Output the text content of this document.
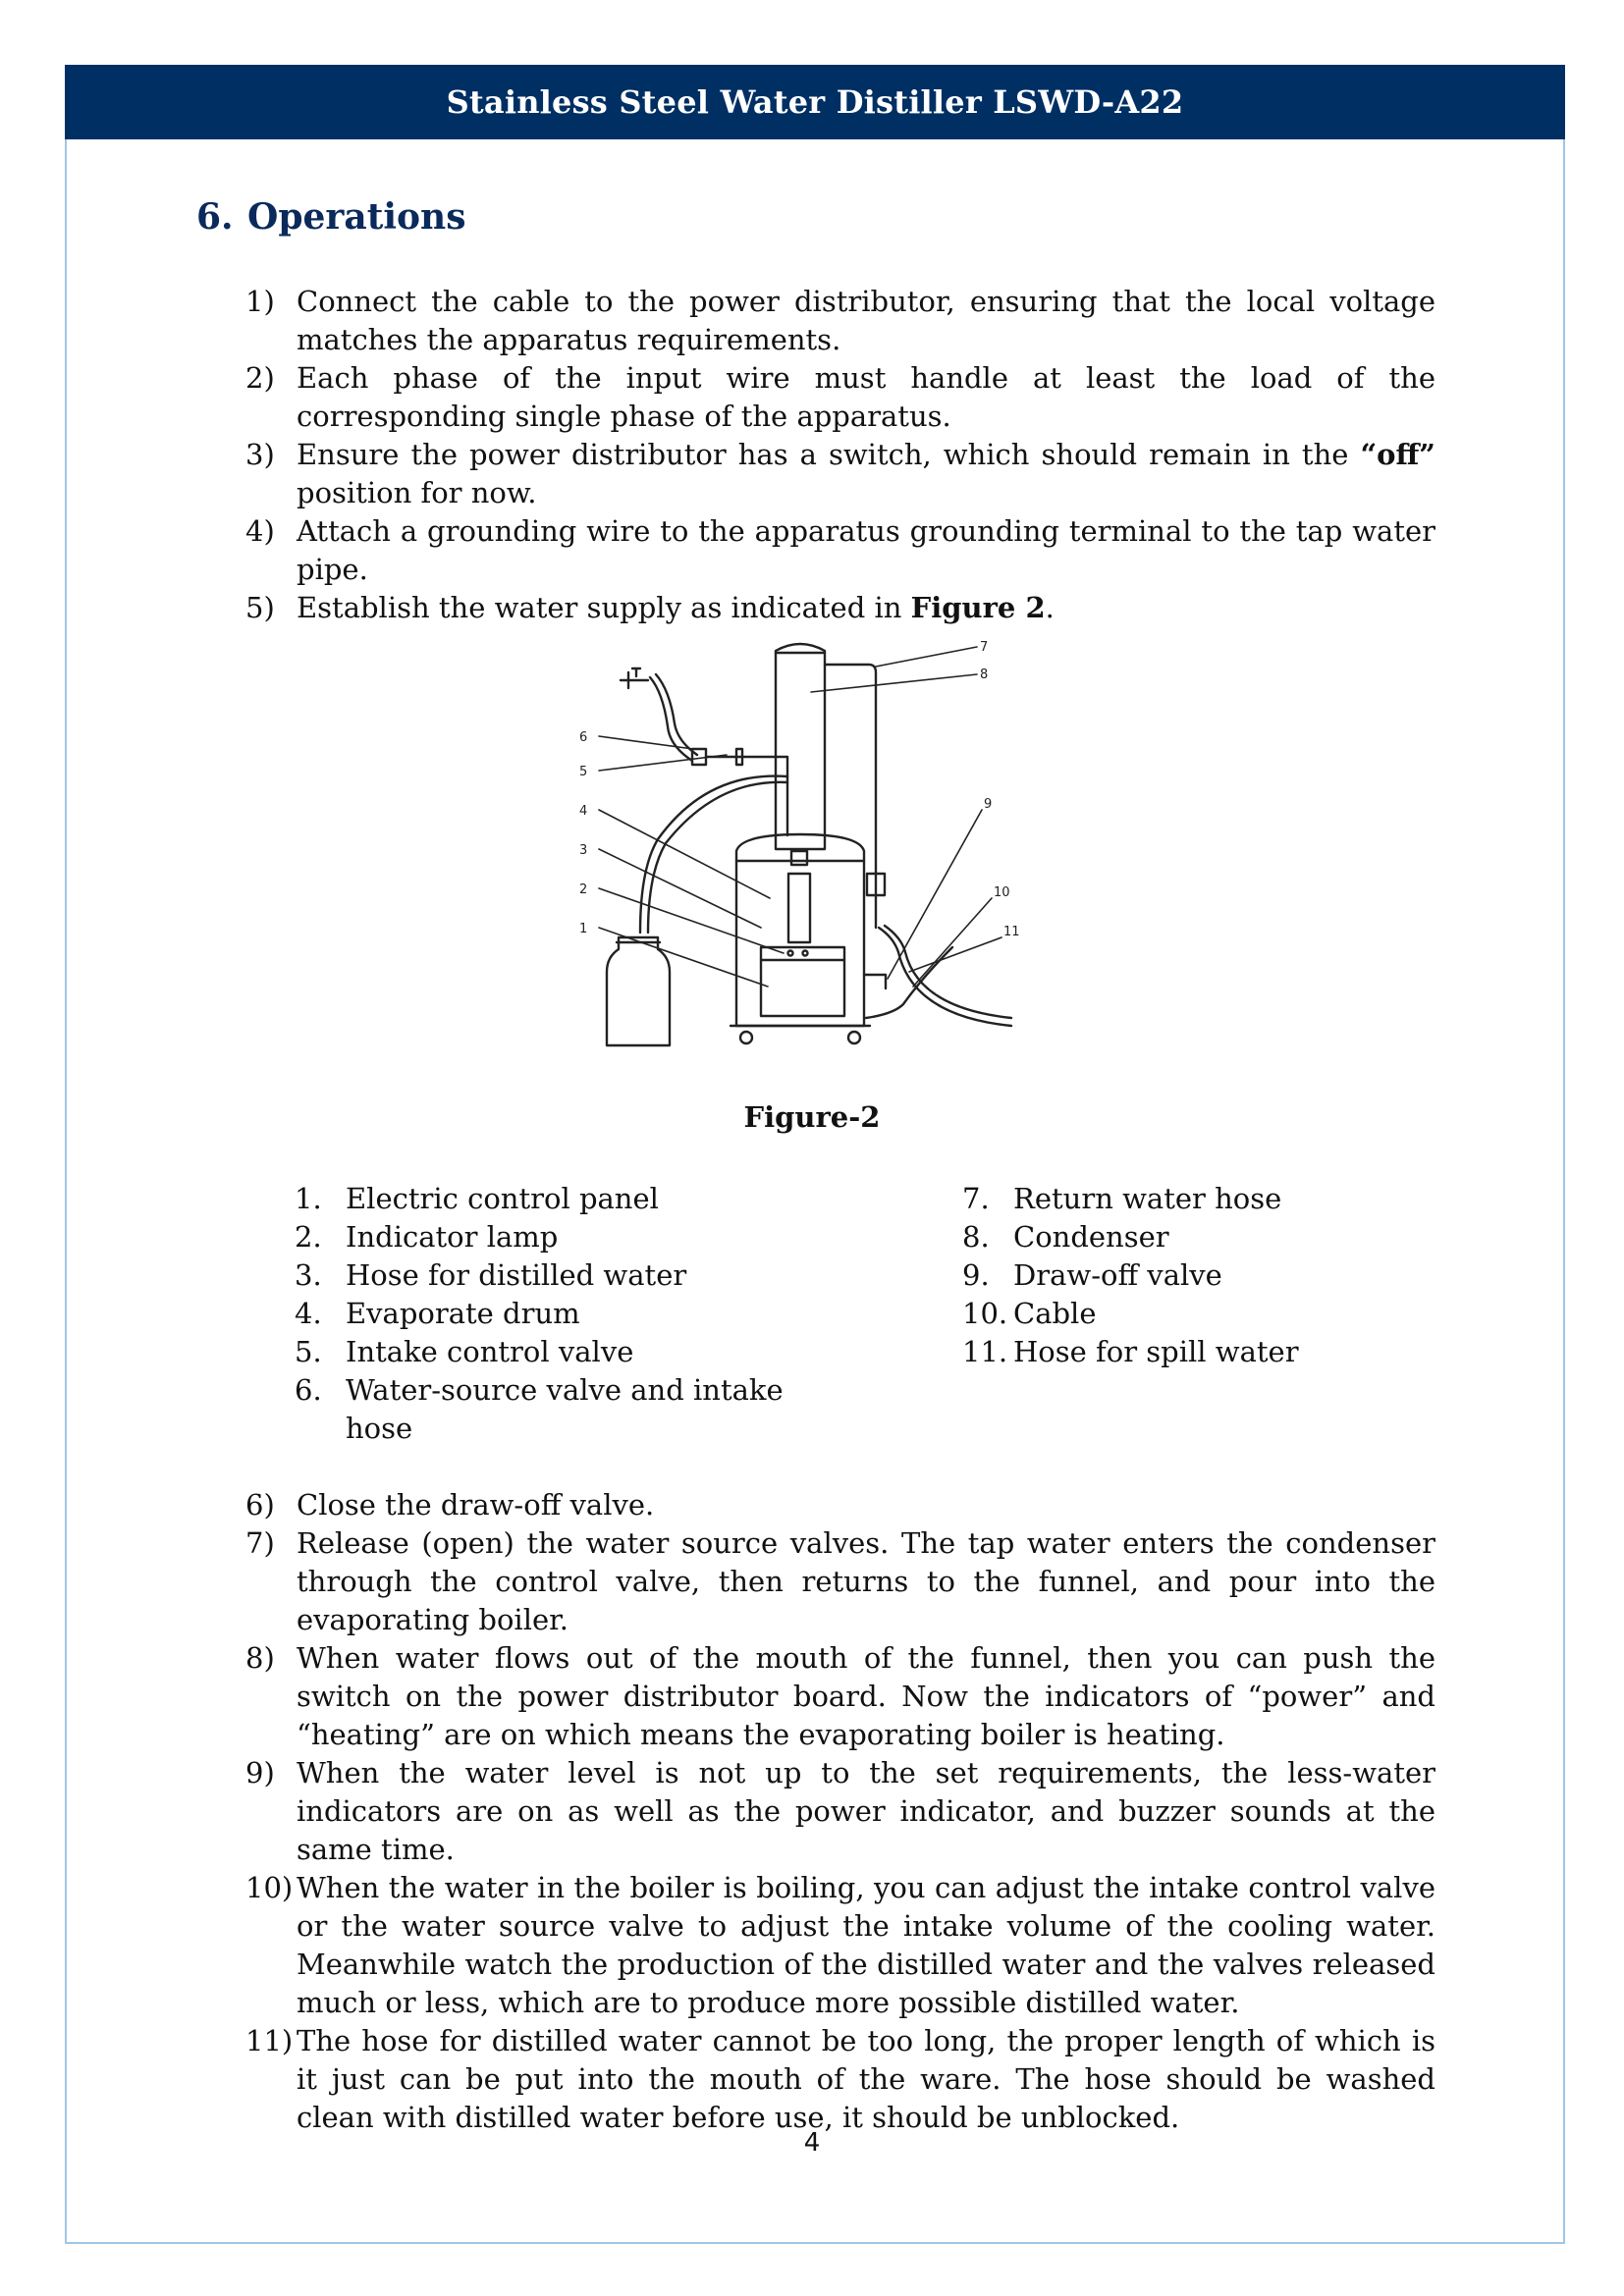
Stainless Steel Water Distiller LSWD-A22
6. Operations
1) Connect the cable to the power distributor, ensuring that the local voltage matches the apparatus requirements.
2) Each phase of the input wire must handle at least the load of the corresponding single phase of the apparatus.
3) Ensure the power distributor has a switch, which should remain in the “off” position for now.
4) Attach a grounding wire to the apparatus grounding terminal to the tap water pipe.
5) Establish the water supply as indicated in Figure 2.
7
8
6
5
4
3
2
1
9
10
11
Figure-2
1. Electric control panel
2. Indicator lamp
3. Hose for distilled water
4. Evaporate drum
5. Intake control valve
6. Water-source valve and intake hose
7. Return water hose
8. Condenser
9. Draw-off valve
10. Cable
11. Hose for spill water
6) Close the draw-off valve.
7) Release (open) the water source valves. The tap water enters the condenser through the control valve, then returns to the funnel, and pour into the evaporating boiler.
8) When water flows out of the mouth of the funnel, then you can push the switch on the power distributor board. Now the indicators of “power” and “heating” are on which means the evaporating boiler is heating.
9) When the water level is not up to the set requirements, the less-water indicators are on as well as the power indicator, and buzzer sounds at the same time.
10) When the water in the boiler is boiling, you can adjust the intake control valve or the water source valve to adjust the intake volume of the cooling water. Meanwhile watch the production of the distilled water and the valves released much or less, which are to produce more possible distilled water.
11) The hose for distilled water cannot be too long, the proper length of which is it just can be put into the mouth of the ware. The hose should be washed clean with distilled water before use, it should be unblocked.
4
